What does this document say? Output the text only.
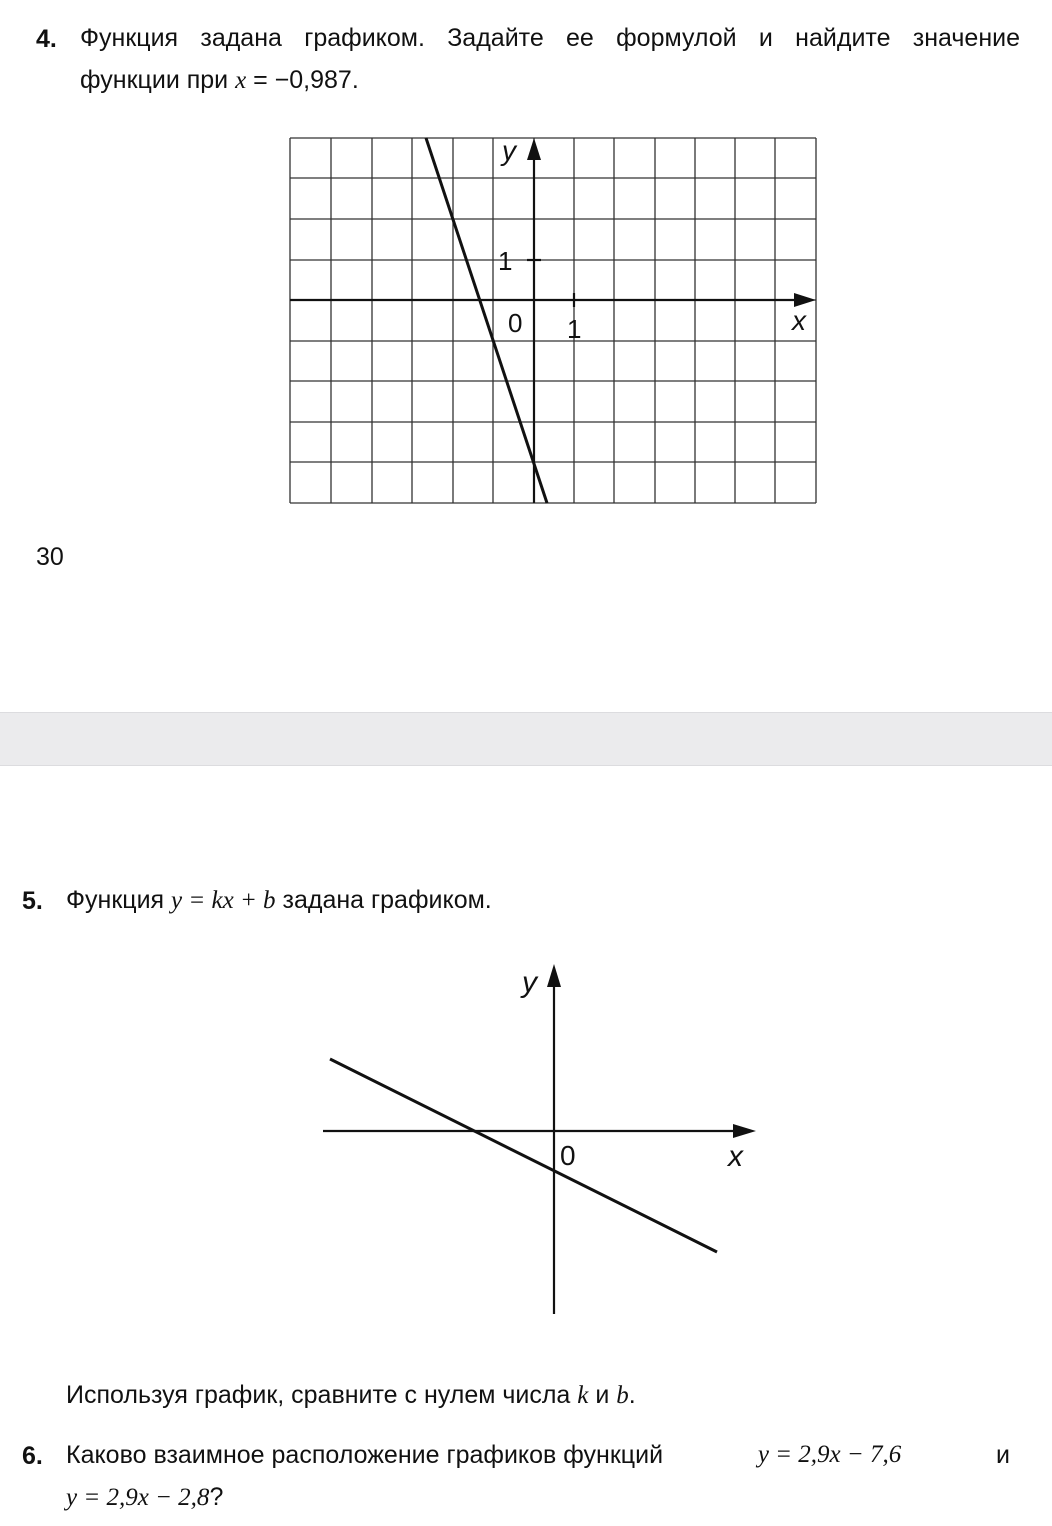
4. Функция задана графиком. Задайте ее формулой и найдите значение
функции при x = −0,987.
y
x
0 1
1
30
5. Функция y = kx + b задана графиком.
y
x
0
Используя график, сравните с нулем числа k и b.
6. Каково взаимное расположение графиков функций	y = 2,9x − 7,6	и
y = 2,9x − 2,8?
